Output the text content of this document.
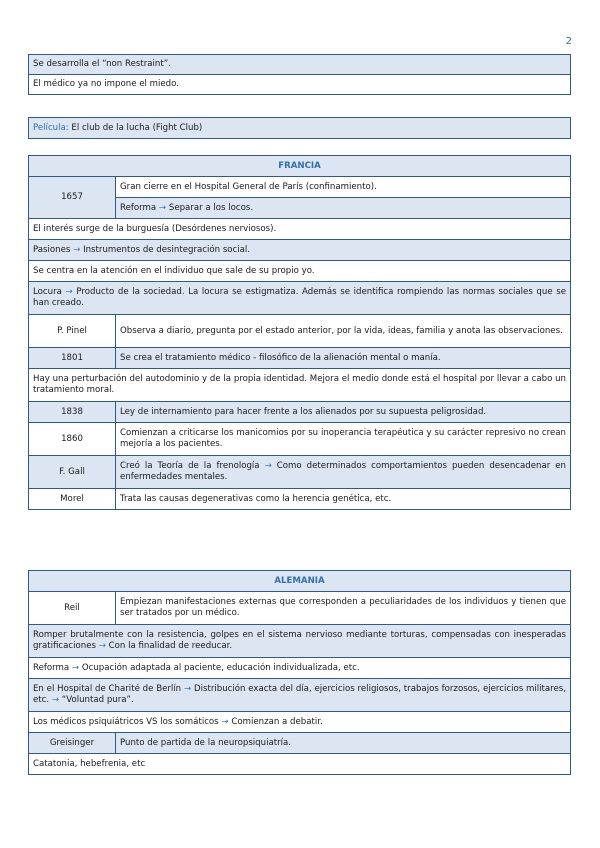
2
Se desarrolla el “non Restraint”.
El médico ya no impone el miedo.
Película: El club de la lucha (Fight Club)
FRANCIA	
1657	Gran cierre en el Hospital General de París (confinamiento).
	Reforma → Separar a los locos.
El interés surge de la burguesía (Desórdenes nerviosos).	
Pasiones → Instrumentos de desintegración social.	
Se centra en la atención en el individuo que sale de su propio yo.	
Locura → Producto de la sociedad. La locura se estigmatiza. Además se identifica rompiendo las normas sociales que se han creado.	
P. Pinel	Observa a diario, pregunta por el estado anterior, por la vida, ideas, familia y anota las observaciones.
1801	Se crea el tratamiento médico - filosófico de la alienación mental o manía.
Hay una perturbación del autodominio y de la propia identidad. Mejora el medio donde está el hospital por llevar a cabo un tratamiento moral.	
1838	Ley de internamiento para hacer frente a los alienados por su supuesta peligrosidad.
1860	Comienzan a criticarse los manicomios por su inoperancia terapéutica y su carácter represivo no crean mejoría a los pacientes.
F. Gall	Creó la Teoría de la frenología → Como determinados comportamientos pueden desencadenar en enfermedades mentales.
Morel	Trata las causas degenerativas como la herencia genética, etc.
ALEMANIA	
Reil	Empiezan manifestaciones externas que corresponden a peculiaridades de los individuos y tienen que ser tratados por un médico.
Romper brutalmente con la resistencia, golpes en el sistema nervioso mediante torturas, compensadas con inesperadas gratificaciones → Con la finalidad de reeducar.	
Reforma → Ocupación adaptada al paciente, educación individualizada, etc.	
En el Hospital de Charité de Berlín → Distribución exacta del día, ejercicios religiosos, trabajos forzosos, ejercicios militares, etc. → “Voluntad pura”.	
Los médicos psiquiátricos VS los somáticos → Comienzan a debatir.	
Greisinger	Punto de partida de la neuropsiquiatría.
Catatonia, hebefrenia, etc	
